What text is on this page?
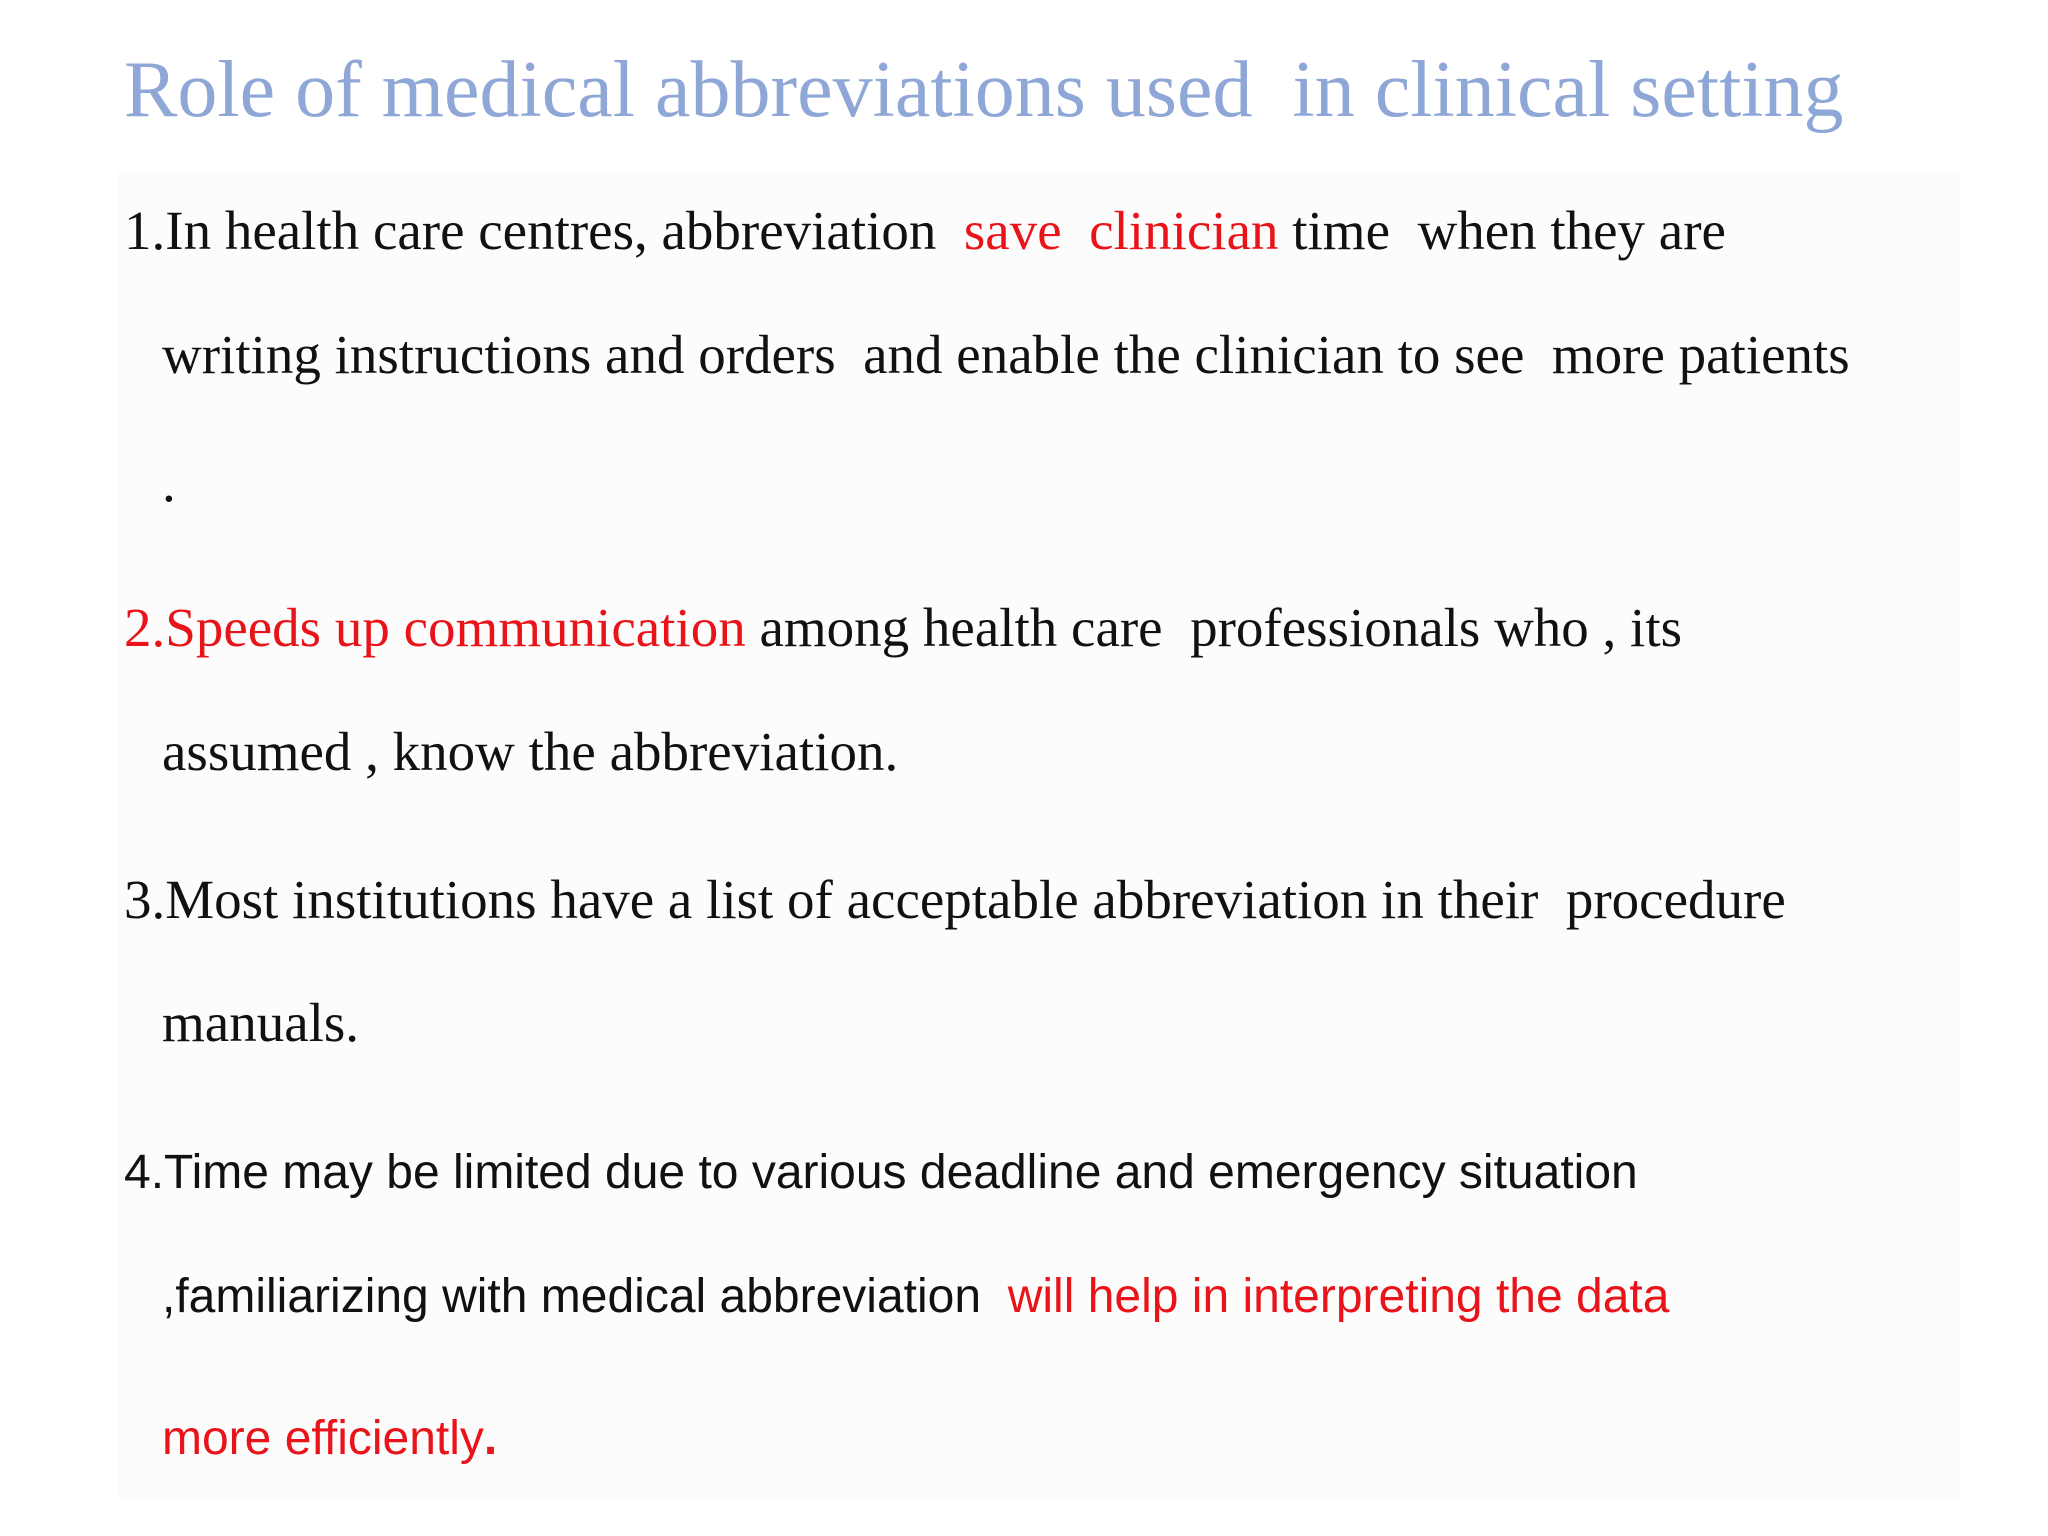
Role of medical abbreviations used  in clinical setting

1.In health care centres, abbreviation  save  clinician time  when they are

writing instructions and orders  and enable the clinician to see  more patients

.

2.Speeds up communication among health care  professionals who , its

assumed , know the abbreviation.

3.Most institutions have a list of acceptable abbreviation in their  procedure

manuals.

4.Time may be limited due to various deadline and emergency situation

,familiarizing with medical abbreviation  will help in interpreting the data

more efficiently.
